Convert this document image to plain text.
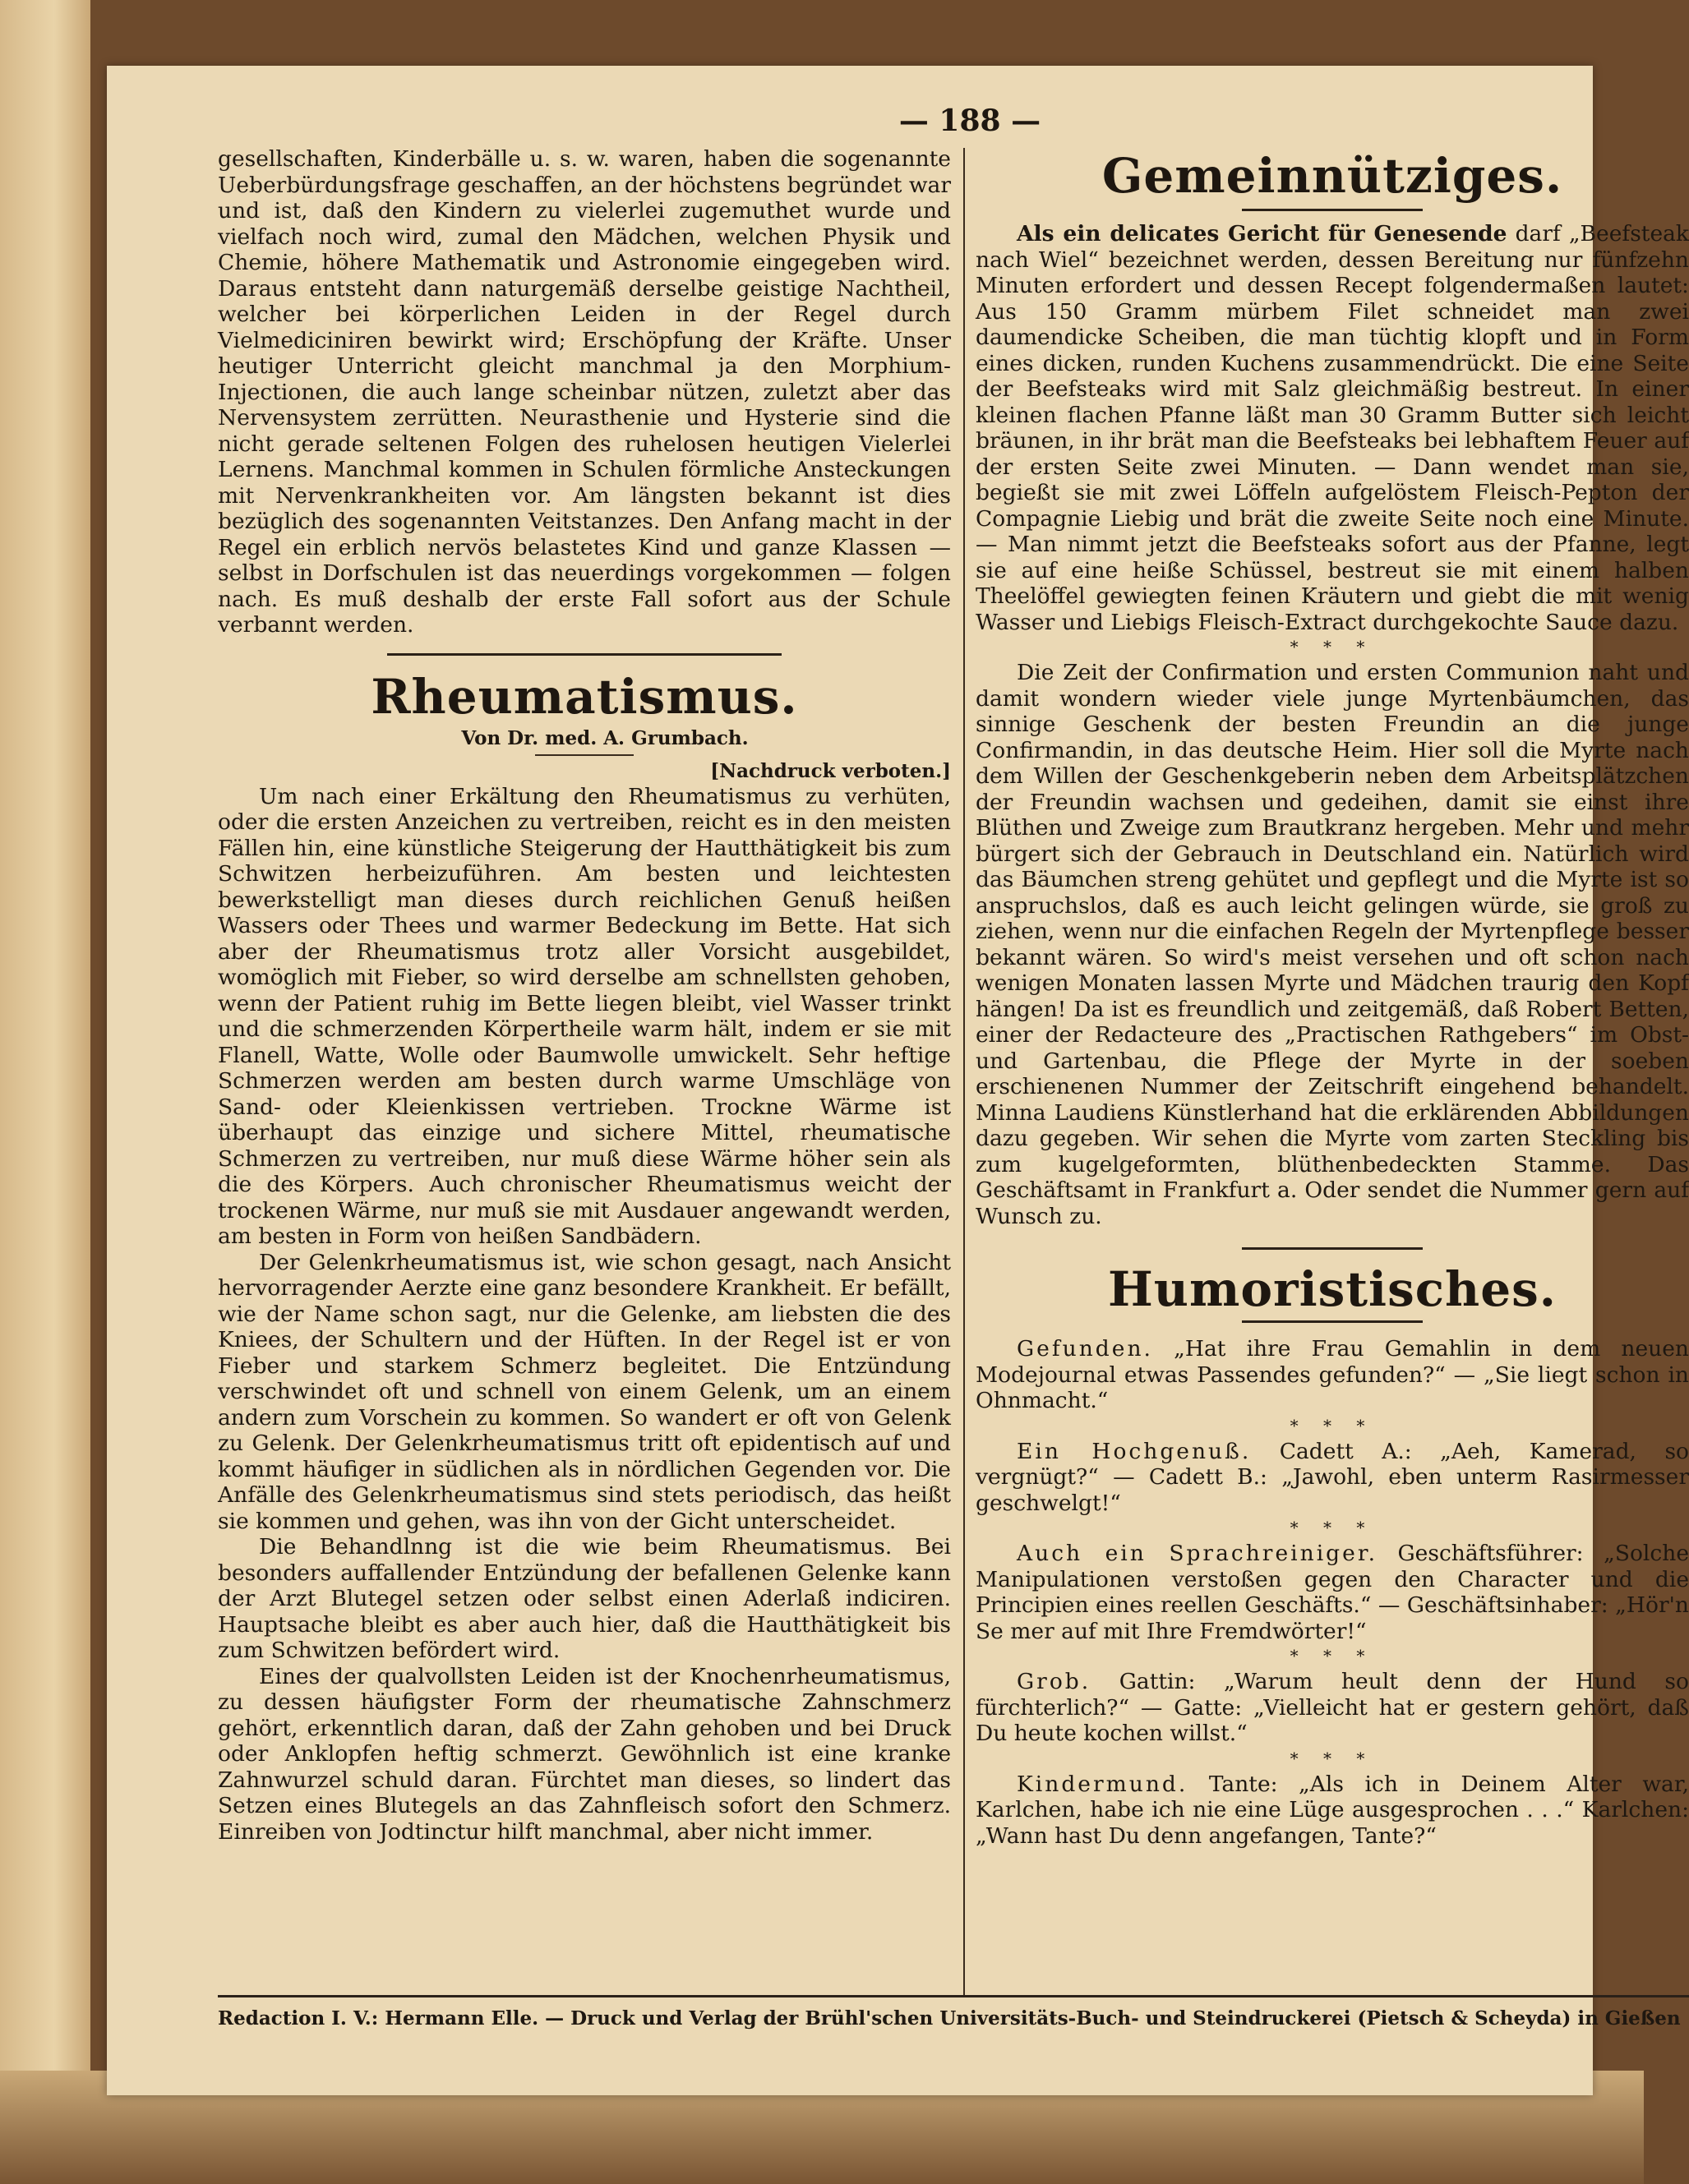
— 188 —

gesellschaften, Kinderbälle u. s. w. waren, haben die sogenannte Ueberbürdungsfrage geschaffen, an der höchstens begründet war und ist, daß den Kindern zu vielerlei zugemuthet wurde und vielfach noch wird, zumal den Mädchen, welchen Physik und Chemie, höhere Mathematik und Astronomie eingegeben wird. Daraus entsteht dann naturgemäß derselbe geistige Nachtheil, welcher bei körperlichen Leiden in der Regel durch Vielmediciniren bewirkt wird; Erschöpfung der Kräfte. Unser heutiger Unterricht gleicht manchmal ja den Morphium-Injectionen, die auch lange scheinbar nützen, zuletzt aber das Nervensystem zerrütten. Neurasthenie und Hysterie sind die nicht gerade seltenen Folgen des ruhelosen heutigen Vielerlei Lernens. Manchmal kommen in Schulen förmliche Ansteckungen mit Nervenkrankheiten vor. Am längsten bekannt ist dies bezüglich des sogenannten Veitstanzes. Den Anfang macht in der Regel ein erblich nervös belastetes Kind und ganze Klassen — selbst in Dorfschulen ist das neuerdings vorgekommen — folgen nach. Es muß deshalb der erste Fall sofort aus der Schule verbannt werden.

Rheumatismus.

Von Dr. med. A. Grumbach.

[Nachdruck verboten.]

Um nach einer Erkältung den Rheumatismus zu verhüten, oder die ersten Anzeichen zu vertreiben, reicht es in den meisten Fällen hin, eine künstliche Steigerung der Hautthätigkeit bis zum Schwitzen herbeizuführen. Am besten und leichtesten bewerkstelligt man dieses durch reichlichen Genuß heißen Wassers oder Thees und warmer Bedeckung im Bette. Hat sich aber der Rheumatismus trotz aller Vorsicht ausgebildet, womöglich mit Fieber, so wird derselbe am schnellsten gehoben, wenn der Patient ruhig im Bette liegen bleibt, viel Wasser trinkt und die schmerzenden Körpertheile warm hält, indem er sie mit Flanell, Watte, Wolle oder Baumwolle umwickelt. Sehr heftige Schmerzen werden am besten durch warme Umschläge von Sand- oder Kleienkissen vertrieben. Trockne Wärme ist überhaupt das einzige und sichere Mittel, rheumatische Schmerzen zu vertreiben, nur muß diese Wärme höher sein als die des Körpers. Auch chronischer Rheumatismus weicht der trockenen Wärme, nur muß sie mit Ausdauer angewandt werden, am besten in Form von heißen Sandbädern.

Der Gelenkrheumatismus ist, wie schon gesagt, nach Ansicht hervorragender Aerzte eine ganz besondere Krankheit. Er befällt, wie der Name schon sagt, nur die Gelenke, am liebsten die des Kniees, der Schultern und der Hüften. In der Regel ist er von Fieber und starkem Schmerz begleitet. Die Entzündung verschwindet oft und schnell von einem Gelenk, um an einem andern zum Vorschein zu kommen. So wandert er oft von Gelenk zu Gelenk. Der Gelenkrheumatismus tritt oft epidentisch auf und kommt häufiger in südlichen als in nördlichen Gegenden vor. Die Anfälle des Gelenkrheumatismus sind stets periodisch, das heißt sie kommen und gehen, was ihn von der Gicht unterscheidet.

Die Behandlnng ist die wie beim Rheumatismus. Bei besonders auffallender Entzündung der befallenen Gelenke kann der Arzt Blutegel setzen oder selbst einen Aderlaß indiciren. Hauptsache bleibt es aber auch hier, daß die Hautthätigkeit bis zum Schwitzen befördert wird.

Eines der qualvollsten Leiden ist der Knochenrheumatismus, zu dessen häufigster Form der rheumatische Zahnschmerz gehört, erkenntlich daran, daß der Zahn gehoben und bei Druck oder Anklopfen heftig schmerzt. Gewöhnlich ist eine kranke Zahnwurzel schuld daran. Fürchtet man dieses, so lindert das Setzen eines Blutegels an das Zahnfleisch sofort den Schmerz. Einreiben von Jodtinctur hilft manchmal, aber nicht immer.

Gemeinnütziges.

Als ein delicates Gericht für Genesende darf „Beefsteak nach Wiel“ bezeichnet werden, dessen Bereitung nur fünfzehn Minuten erfordert und dessen Recept folgendermaßen lautet: Aus 150 Gramm mürbem Filet schneidet man zwei daumendicke Scheiben, die man tüchtig klopft und in Form eines dicken, runden Kuchens zusammendrückt. Die eine Seite der Beefsteaks wird mit Salz gleichmäßig bestreut. In einer kleinen flachen Pfanne läßt man 30 Gramm Butter sich leicht bräunen, in ihr brät man die Beefsteaks bei lebhaftem Feuer auf der ersten Seite zwei Minuten. — Dann wendet man sie, begießt sie mit zwei Löffeln aufgelöstem Fleisch-Pepton der Compagnie Liebig und brät die zweite Seite noch eine Minute. — Man nimmt jetzt die Beefsteaks sofort aus der Pfanne, legt sie auf eine heiße Schüssel, bestreut sie mit einem halben Theelöffel gewiegten feinen Kräutern und giebt die mit wenig Wasser und Liebigs Fleisch-Extract durchgekochte Sauce dazu.

* * *

Die Zeit der Confirmation und ersten Communion naht und damit wondern wieder viele junge Myrtenbäumchen, das sinnige Geschenk der besten Freundin an die junge Confirmandin, in das deutsche Heim. Hier soll die Myrte nach dem Willen der Geschenkgeberin neben dem Arbeitsplätzchen der Freundin wachsen und gedeihen, damit sie einst ihre Blüthen und Zweige zum Brautkranz hergeben. Mehr und mehr bürgert sich der Gebrauch in Deutschland ein. Natürlich wird das Bäumchen streng gehütet und gepflegt und die Myrte ist so anspruchslos, daß es auch leicht gelingen würde, sie groß zu ziehen, wenn nur die einfachen Regeln der Myrtenpflege besser bekannt wären. So wird's meist versehen und oft schon nach wenigen Monaten lassen Myrte und Mädchen traurig den Kopf hängen! Da ist es freundlich und zeitgemäß, daß Robert Betten, einer der Redacteure des „Practischen Rathgebers“ im Obst- und Gartenbau, die Pflege der Myrte in der soeben erschienenen Nummer der Zeitschrift eingehend behandelt. Minna Laudiens Künstlerhand hat die erklärenden Abbildungen dazu gegeben. Wir sehen die Myrte vom zarten Steckling bis zum kugelgeformten, blüthenbedeckten Stamme. Das Geschäftsamt in Frankfurt a. Oder sendet die Nummer gern auf Wunsch zu.

Humoristisches.

Gefunden. „Hat ihre Frau Gemahlin in dem neuen Modejournal etwas Passendes gefunden?“ — „Sie liegt schon in Ohnmacht.“

* * *

Ein Hochgenuß. Cadett A.: „Aeh, Kamerad, so vergnügt?“ — Cadett B.: „Jawohl, eben unterm Rasirmesser geschwelgt!“

* * *

Auch ein Sprachreiniger. Geschäftsführer: „Solche Manipulationen verstoßen gegen den Character und die Principien eines reellen Geschäfts.“ — Geschäftsinhaber: „Hör'n Se mer auf mit Ihre Fremdwörter!“

* * *

Grob. Gattin: „Warum heult denn der Hund so fürchterlich?“ — Gatte: „Vielleicht hat er gestern gehört, daß Du heute kochen willst.“

* * *

Kindermund. Tante: „Als ich in Deinem Alter war, Karlchen, habe ich nie eine Lüge ausgesprochen . . .“ Karlchen: „Wann hast Du denn angefangen, Tante?“

Redaction I. V.: Hermann Elle. — Druck und Verlag der Brühl'schen Universitäts-Buch- und Steindruckerei (Pietsch & Scheyda) in Gießen
